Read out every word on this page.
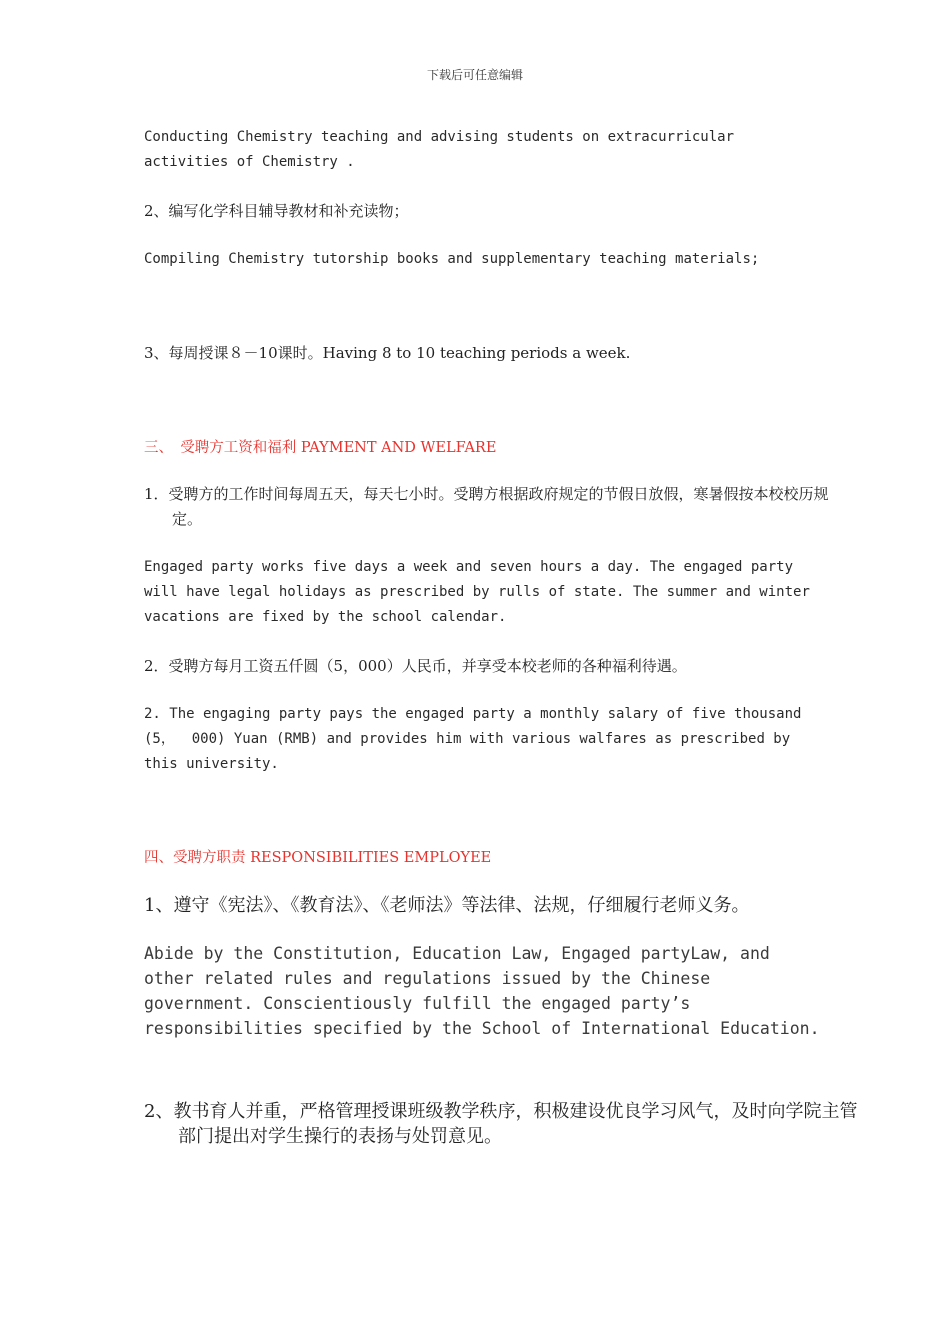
下载后可任意编辑

Conducting Chemistry teaching and advising students on extracurricular activities of Chemistry .

2、编写化学科目辅导教材和补充读物；

Compiling Chemistry tutorship books and supplementary teaching materials;

3、每周授课８－10课时。Having 8 to 10 teaching periods a week.

三、　受聘方工资和福利 PAYMENT AND WELFARE

1．受聘方的工作时间每周五天，每天七小时。受聘方根据政府规定的节假日放假，寒暑假按本校校历规定。

Engaged party works five days a week and seven hours a day. The engaged party will have legal holidays as prescribed by rulls of state. The summer and winter vacations are fixed by the school calendar.

2．受聘方每月工资五仟圆（5，000）人民币，并享受本校老师的各种福利待遇。

2. The engaging party pays the engaged party a monthly salary of five thousand (5，  000) Yuan (RMB) and provides him with various walfares as prescribed by this university.

四、受聘方职责 RESPONSIBILITIES EMPLOYEE

1、遵守《宪法》、《教育法》、《老师法》等法律、法规，仔细履行老师义务。

Abide by the Constitution, Education Law, Engaged partyLaw, and other related rules and regulations issued by the Chinese government. Conscientiously fulfill the engaged party’s responsibilities specified by the School of International Education.

2、教书育人并重，严格管理授课班级教学秩序，积极建设优良学习风气，及时向学院主管部门提出对学生操行的表扬与处罚意见。
